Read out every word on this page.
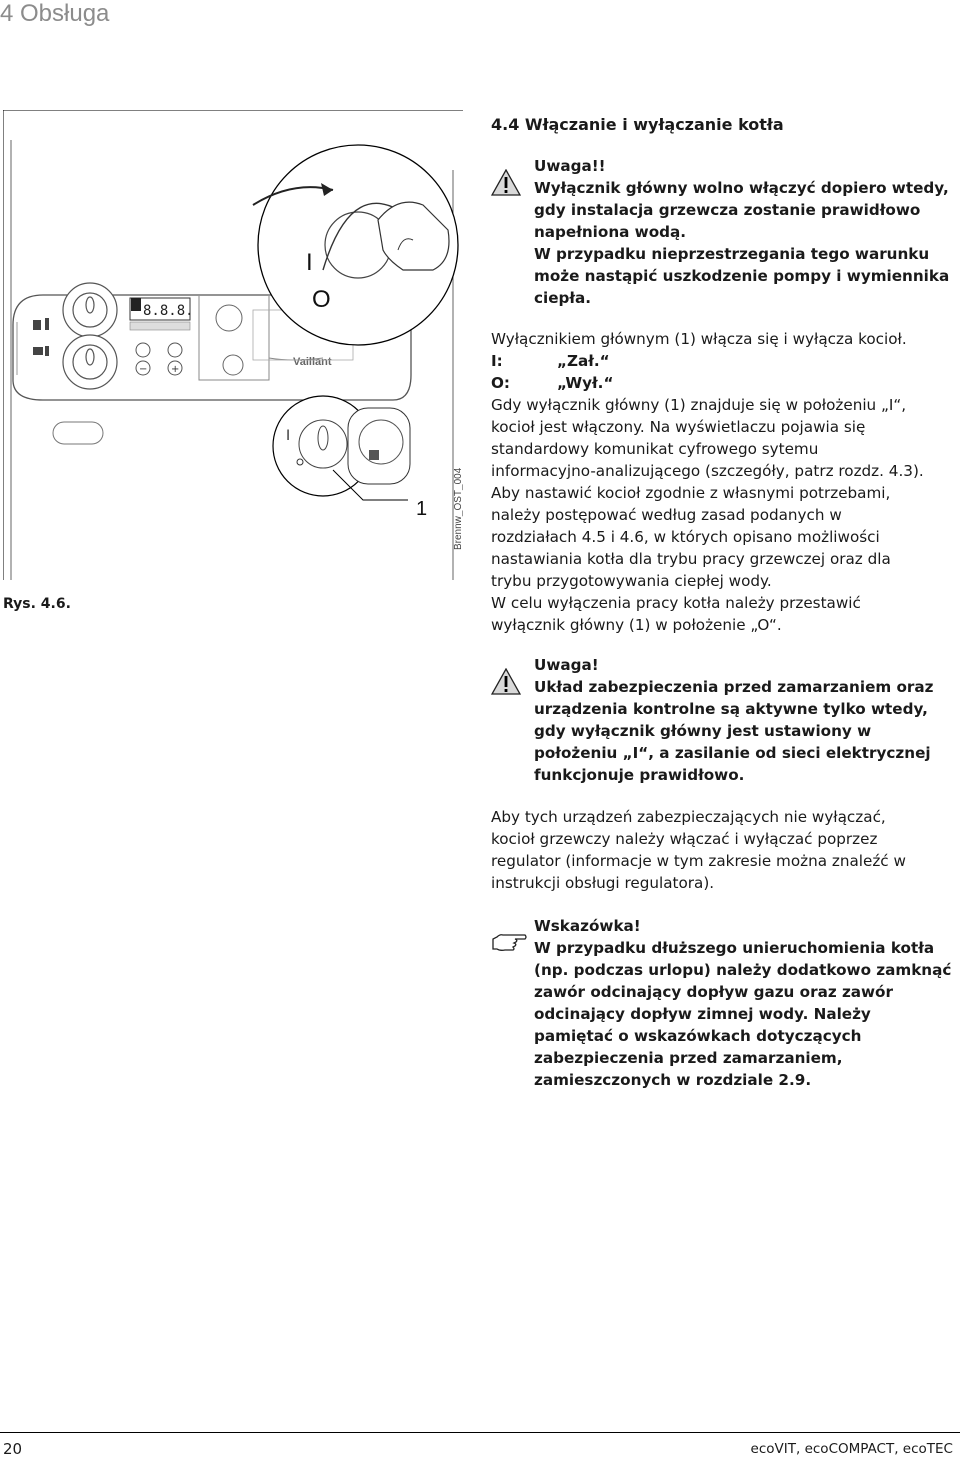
4 Obsługa
8.8.8.
− +
Vaillant
I
O
I
1	Brennw_OST_004
Rys. 4.6.
4.4 Włączanie i wyłączanie kotła
Uwaga!!
Wyłącznik główny wolno włączyć dopiero wtedy,
gdy instalacja grzewcza zostanie prawidłowo
napełniona wodą.
W przypadku nieprzestrzegania tego warunku
może nastąpić uszkodzenie pompy i wymiennika
ciepła.
Wyłącznikiem głównym (1) włącza się i wyłącza kocioł.
I:	„Zał.“
O:	„Wył.“
Gdy wyłącznik główny (1) znajduje się w położeniu „I“,
kocioł jest włączony. Na wyświetlaczu pojawia się
standardowy komunikat cyfrowego sytemu
informacyjno-analizującego (szczegóły, patrz rozdz. 4.3).
Aby nastawić kocioł zgodnie z własnymi potrzebami,
należy postępować według zasad podanych w
rozdziałach 4.5 i 4.6, w których opisano możliwości
nastawiania kotła dla trybu pracy grzewczej oraz dla
trybu przygotowywania ciepłej wody.
W celu wyłączenia pracy kotła należy przestawić
wyłącznik główny (1) w położenie „O“.
Uwaga!
Układ zabezpieczenia przed zamarzaniem oraz
urządzenia kontrolne są aktywne tylko wtedy,
gdy wyłącznik główny jest ustawiony w
położeniu „I“, a zasilanie od sieci elektrycznej
funkcjonuje prawidłowo.
Aby tych urządzeń zabezpieczających nie wyłączać,
kocioł grzewczy należy włączać i wyłączać poprzez
regulator (informacje w tym zakresie można znaleźć w
instrukcji obsługi regulatora).
Wskazówka!
W przypadku dłuższego unieruchomienia kotła
(np. podczas urlopu) należy dodatkowo zamknąć
zawór odcinający dopływ gazu oraz zawór
odcinający dopływ zimnej wody. Należy
pamiętać o wskazówkach dotyczących
zabezpieczenia przed zamarzaniem,
zamieszczonych w rozdziale 2.9.
20	ecoVIT, ecoCOMPACT, ecoTEC
